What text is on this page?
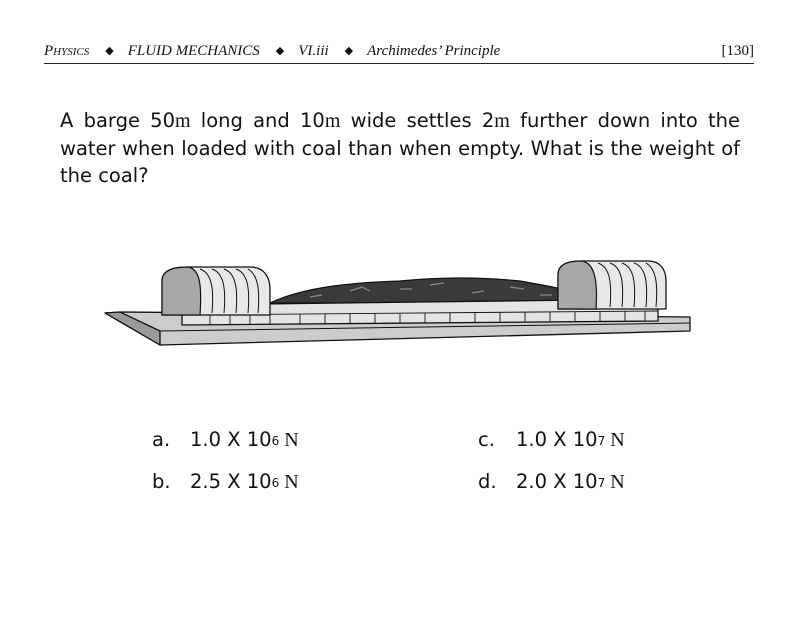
Physics ◆ FLUID MECHANICS ◆ VI.iii ◆ Archimedes’ Principle	[130]
A barge 50m long and 10m wide settles 2m further down into the water when loaded with coal than when empty. What is the weight of the coal?
a.	1.0 X $10^6$ N
b. 2.5 X $10^6$ N
c.	1.0 X $10^7$ N
d. 2.0 X $10^7$ N
